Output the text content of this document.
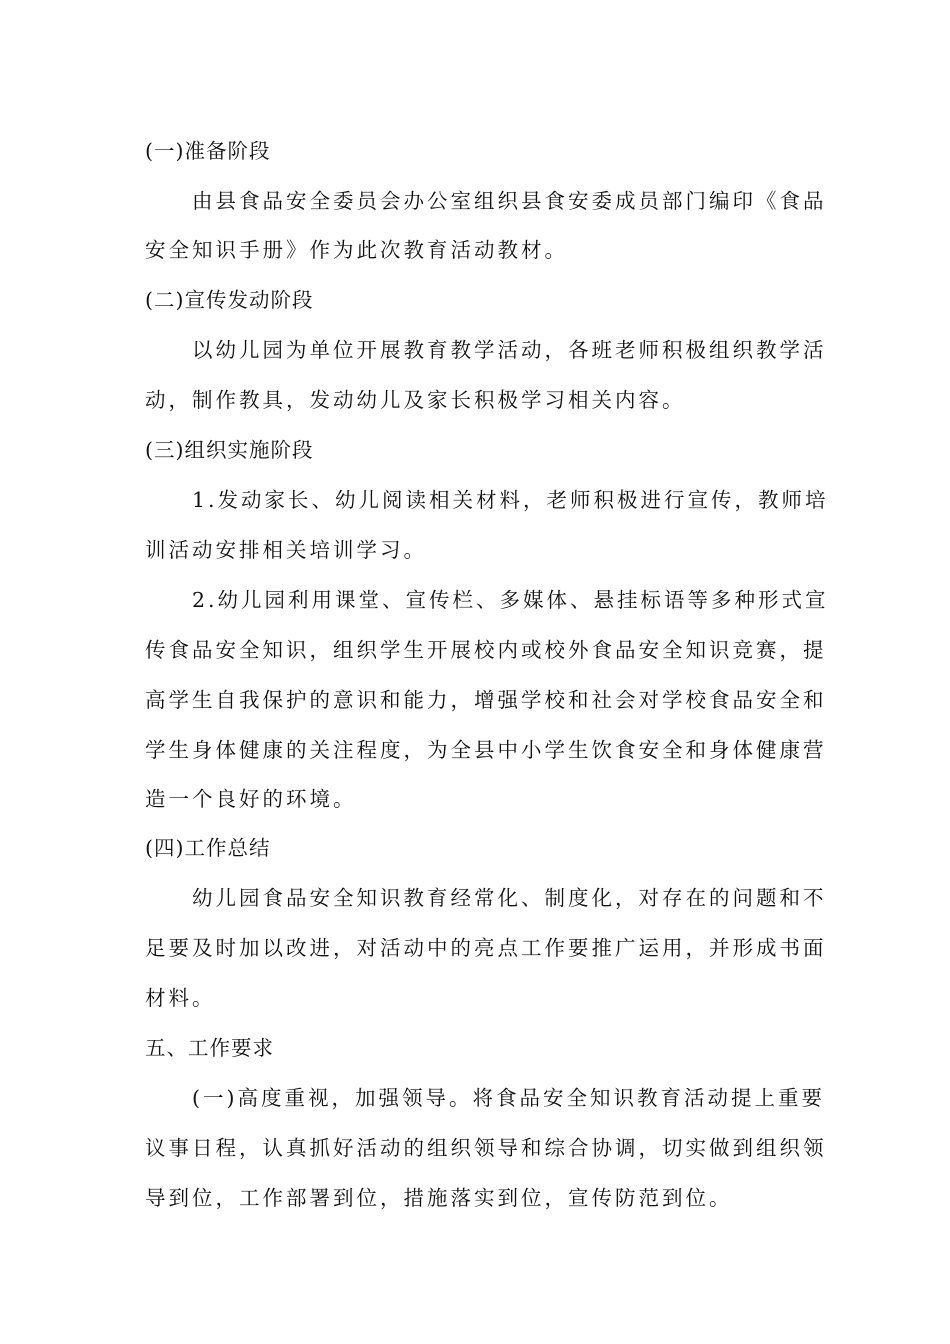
(一)准备阶段
由县食品安全委员会办公室组织县食安委成员部门编印《食品
安全知识手册》作为此次教育活动教材。
(二)宣传发动阶段
以幼儿园为单位开展教育教学活动，各班老师积极组织教学活
动，制作教具，发动幼儿及家长积极学习相关内容。
(三)组织实施阶段
1.发动家长、幼儿阅读相关材料，老师积极进行宣传，教师培
训活动安排相关培训学习。
2.幼儿园利用课堂、宣传栏、多媒体、悬挂标语等多种形式宣
传食品安全知识，组织学生开展校内或校外食品安全知识竞赛，提
高学生自我保护的意识和能力，增强学校和社会对学校食品安全和
学生身体健康的关注程度，为全县中小学生饮食安全和身体健康营
造一个良好的环境。
(四)工作总结
幼儿园食品安全知识教育经常化、制度化，对存在的问题和不
足要及时加以改进，对活动中的亮点工作要推广运用，并形成书面
材料。
五、工作要求
(一)高度重视，加强领导。将食品安全知识教育活动提上重要
议事日程，认真抓好活动的组织领导和综合协调，切实做到组织领
导到位，工作部署到位，措施落实到位，宣传防范到位。
